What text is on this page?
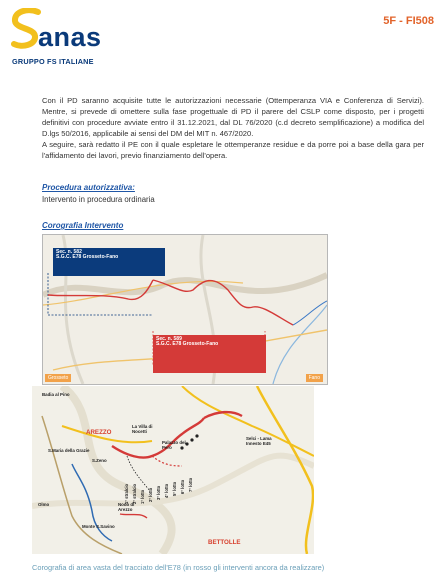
anas
GRUPPO FS ITALIANE
5F - FI508
Con il PD saranno acquisite tutte le autorizzazioni necessarie (Ottemperanza VIA e Conferenza di Servizi). Mentre, si prevede di omettere sulla fase progettuale di PD il parere del CSLP come disposto, per i progetti definitivi con procedure avviate entro il 31.12.2021, dal DL 76/2020 (c.d decreto semplificazione) a modifica del D.lgs 50/2016, applicabile ai sensi del DM del MIT n. 467/2020.
A seguire, sarà redatto il PE con il quale espletare le ottemperanze residue e da porre poi a base della gara per l'affidamento dei lavori, previo finanziamento dell'opera.
Procedura autorizzativa:
Intervento in procedura ordinaria
Corografia Intervento
Sec. n. 582
S.G.C. E78 Grosseto-Fano
Sec. n. 589
S.G.C. E78 Grosseto-Fano
Grosseto	Fano
AREZZO
Badia al Pino
S.Maria della Grazie
S.Zeno
La Villa di Nocetti
Palazzo del Pero
Nodo di Arezzo
Olmo
Monte S.Savino
Selci - Lama Innesto E45
BETTOLLE
1° stralcio 2° stralcio 1° lotto 2° lotto 3° lotto 4° lotto 5° lotto 6° lotto 7° lotto
Corografia di area vasta del tracciato dell'E78 (in rosso gli interventi ancora da realizzare)
